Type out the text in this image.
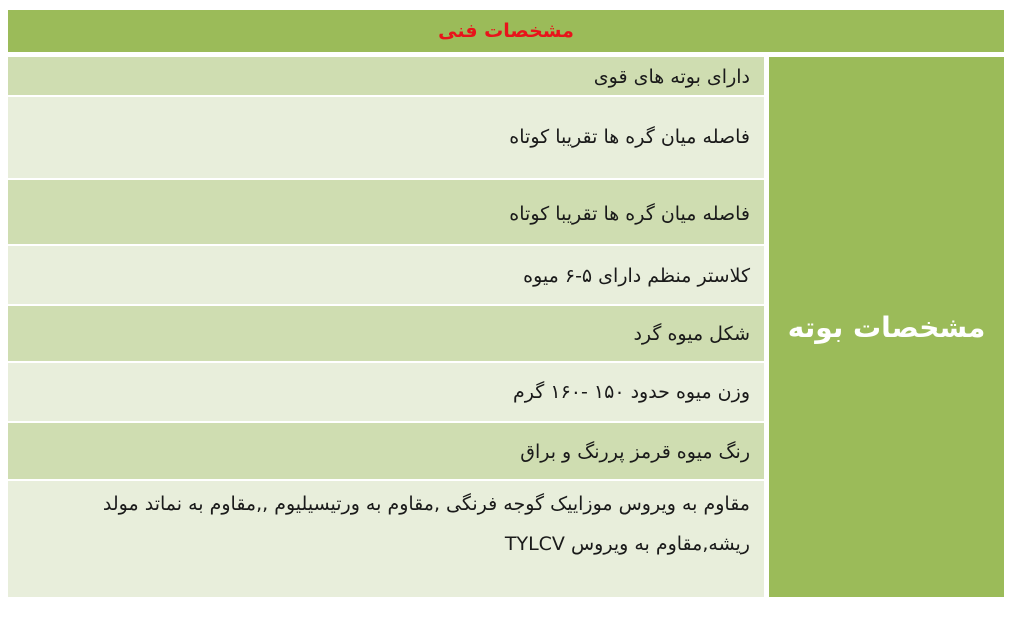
مشخصات فنی
مشخصات بوته
دارای بوته های قوی
فاصله میان گره ها تقریبا کوتاه
فاصله میان گره ها تقریبا کوتاه
کلاستر منظم دارای ۵-۶ میوه
شکل میوه گرد
وزن میوه حدود ۱۵۰ -۱۶۰ گرم
رنگ میوه قرمز پررنگ و براق
مقاوم به ویروس موزاییک گوجه فرنگی ,مقاوم به ورتیسیلیوم ,,مقاوم به نماتد مولد ریشه,مقاوم به ویروس TYLCV
